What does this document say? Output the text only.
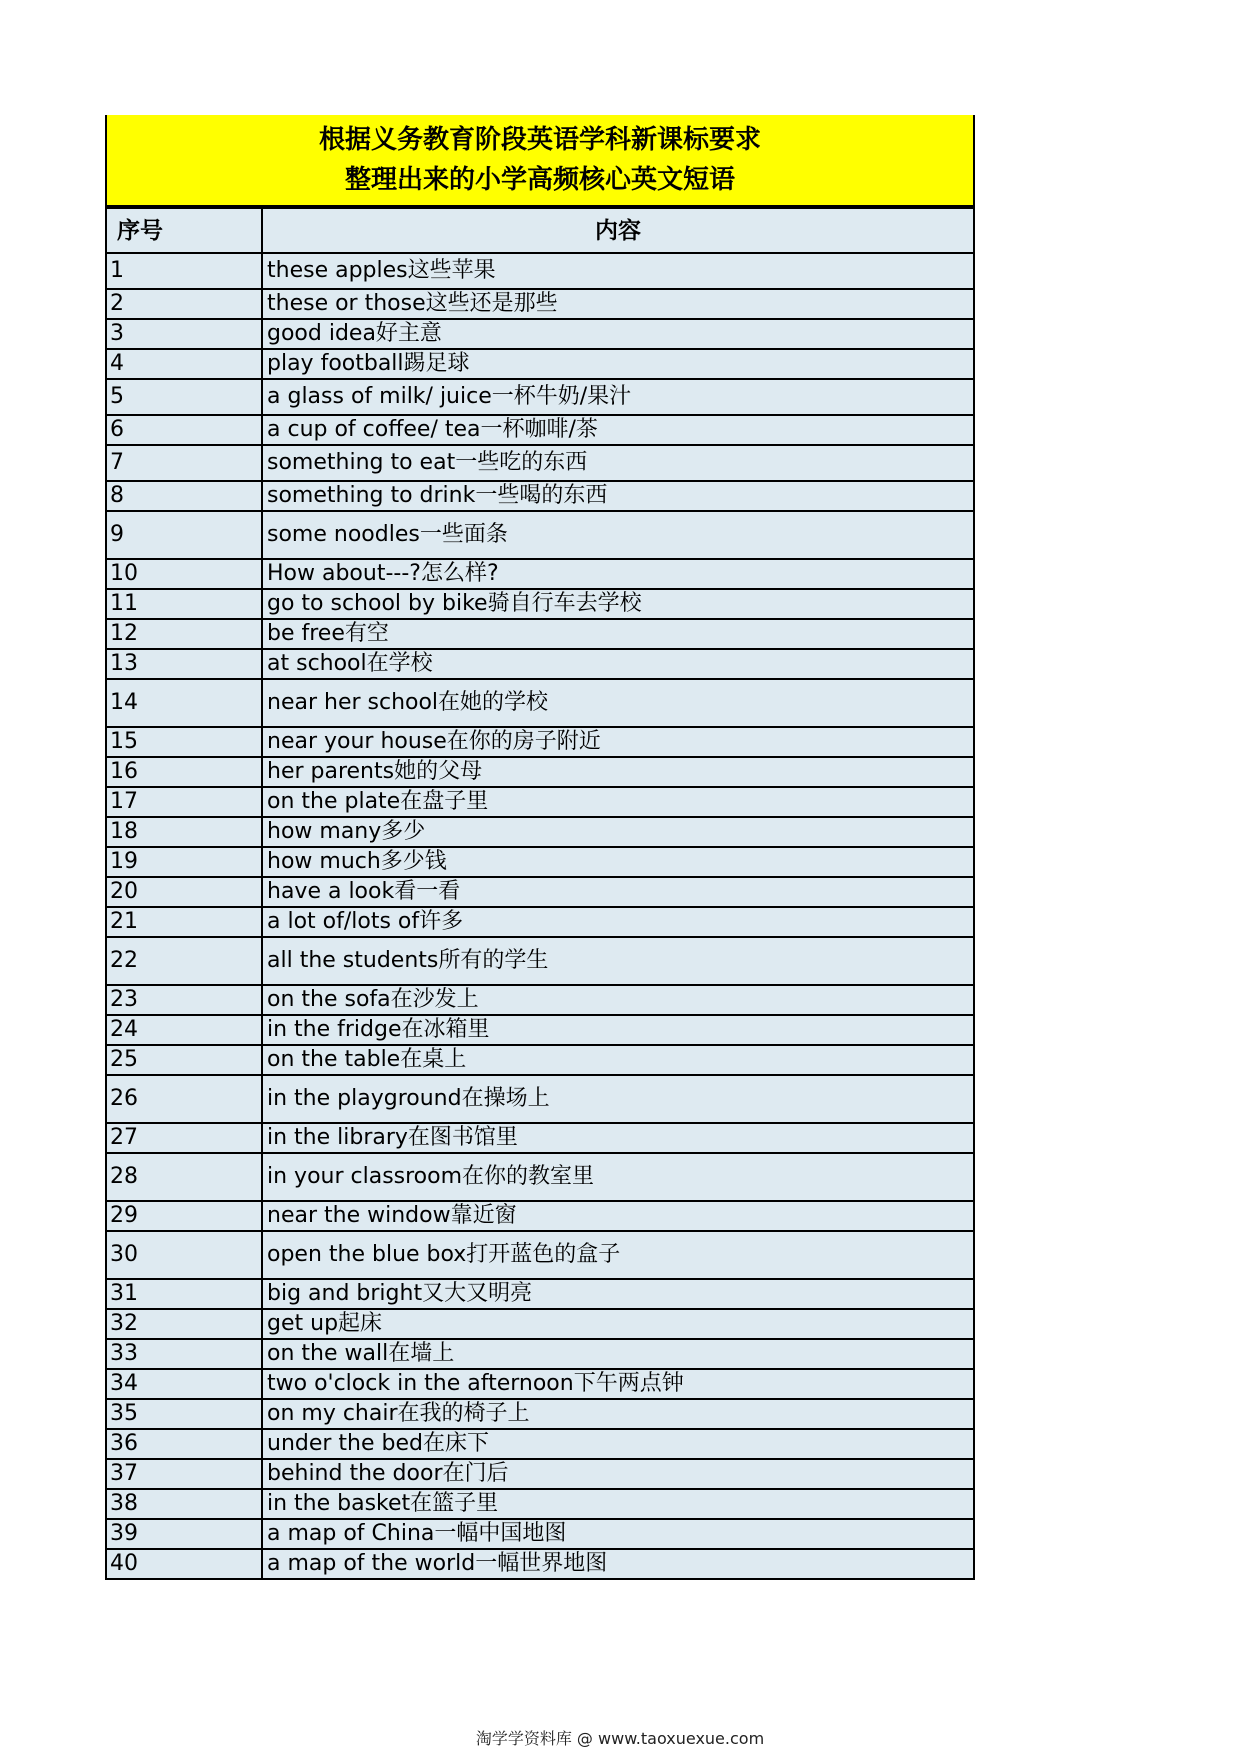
根据义务教育阶段英语学科新课标要求
整理出来的小学高频核心英文短语
序号	内容
1	these apples这些苹果
2	these or those这些还是那些
3	good idea好主意
4	play football踢足球
5	a glass of milk/ juice一杯牛奶/果汁
6	a cup of coffee/ tea一杯咖啡/茶
7	something to eat一些吃的东西
8	something to drink一些喝的东西
9	some noodles一些面条
10	How about---?怎么样?
11	go to school by bike骑自行车去学校
12	be free有空
13	at school在学校
14	near her school在她的学校
15	near your house在你的房子附近
16	her parents她的父母
17	on the plate在盘子里
18	how many多少
19	how much多少钱
20	have a look看一看
21	a lot of/lots of许多
22	all the students所有的学生
23	on the sofa在沙发上
24	in the fridge在冰箱里
25	on the table在桌上
26	in the playground在操场上
27	in the library在图书馆里
28	in your classroom在你的教室里
29	near the window靠近窗
30	open the blue box打开蓝色的盒子
31	big and bright又大又明亮
32	get up起床
33	on the wall在墙上
34	two o'clock in the afternoon下午两点钟
35	on my chair在我的椅子上
36	under the bed在床下
37	behind the door在门后
38	in the basket在篮子里
39	a map of China一幅中国地图
40	a map of the world一幅世界地图
淘学学资料库 @ www.taoxuexue.com
